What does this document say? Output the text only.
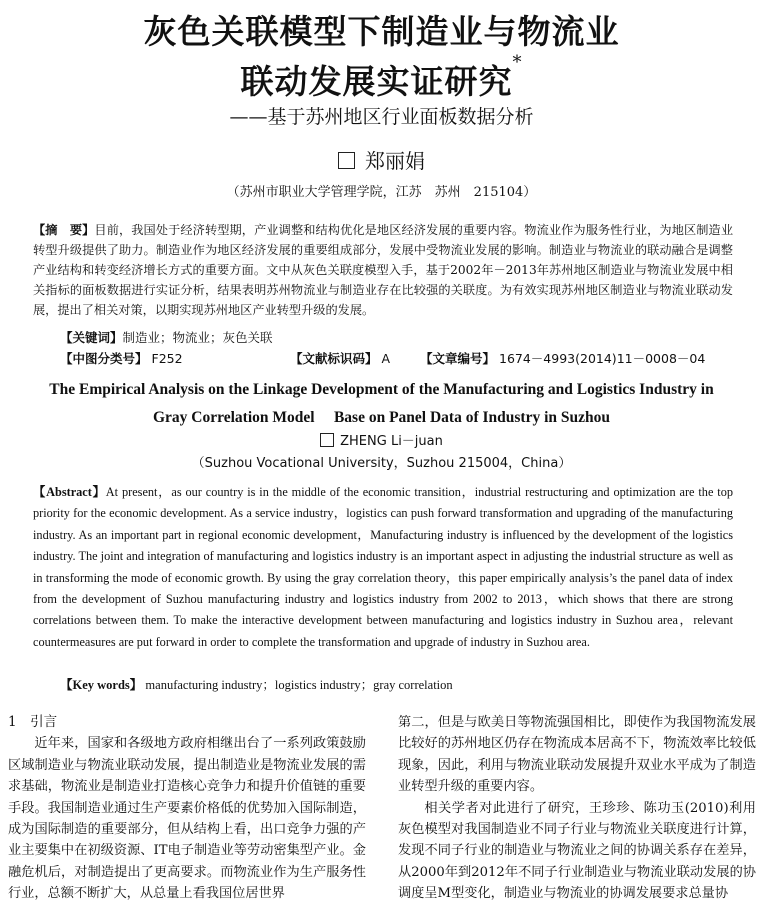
灰色关联模型下制造业与物流业
联动发展实证研究*
——基于苏州地区行业面板数据分析
郑丽娟
（苏州市职业大学管理学院，江苏　苏州　215104）
【摘　要】目前，我国处于经济转型期，产业调整和结构优化是地区经济发展的重要内容。物流业作为服务性行业，为地区制造业转型升级提供了助力。制造业作为地区经济发展的重要组成部分，发展中受物流业发展的影响。制造业与物流业的联动融合是调整产业结构和转变经济增长方式的重要方面。文中从灰色关联度模型入手，基于2002年－2013年苏州地区制造业与物流业发展中相关指标的面板数据进行实证分析，结果表明苏州物流业与制造业存在比较强的关联度。为有效实现苏州地区制造业与物流业联动发展，提出了相关对策，以期实现苏州地区产业转型升级的发展。
【关键词】制造业；物流业；灰色关联
【中图分类号】 F252	【文献标识码】 A 【文章编号】 1674－4993(2014)11－0008－04
The Empirical Analysis on the Linkage Development of the Manufacturing and Logistics Industry in
Gray Correlation Model　 Base on Panel Data of Industry in Suzhou
ZHENG Li－juan
（Suzhou Vocational University，Suzhou 215004，China）
【Abstract】At present，as our country is in the middle of the economic transition，industrial restructuring and optimization are the top priority for the economic development. As a service industry，logistics can push forward transformation and upgrading of the manufacturing industry. As an important part in regional economic development，Manufacturing industry is influenced by the development of the logistics industry. The joint and integration of manufacturing and logistics industry is an important aspect in adjusting the industrial structure as well as in transforming the mode of economic growth. By using the gray correlation theory，this paper empirically analysis’s the panel data of index from the development of Suzhou manufacturing industry and logistics industry from 2002 to 2013，which shows that there are strong correlations between them. To make the interactive development between manufacturing and logistics industry in Suzhou area，relevant countermeasures are put forward in order to complete the transformation and upgrade of industry in Suzhou area.
【Key words】 manufacturing industry；logistics industry；gray correlation
1　引言
近年来，国家和各级地方政府相继出台了一系列政策鼓励区域制造业与物流业联动发展，提出制造业是物流业发展的需求基础，物流业是制造业打造核心竞争力和提升价值链的重要手段。我国制造业通过生产要素价格低的优势加入国际制造，成为国际制造的重要部分，但从结构上看，出口竞争力强的产业主要集中在初级资源、IT电子制造业等劳动密集型产业。金融危机后，对制造提出了更高要求。而物流业作为生产服务性行业，总额不断扩大，从总量上看我国位居世界
第二，但是与欧美日等物流强国相比，即使作为我国物流发展比较好的苏州地区仍存在物流成本居高不下，物流效率比较低现象，因此，利用与物流业联动发展提升双业水平成为了制造业转型升级的重要内容。
相关学者对此进行了研究，王珍珍、陈功玉(2010)利用灰色模型对我国制造业不同子行业与物流业关联度进行计算，发现不同子行业的制造业与物流业之间的协调关系存在差异，从2000年到2012年不同子行业制造业与物流业联动发展的协调度呈M型变化，制造业与物流业的协调发展要求总量协
